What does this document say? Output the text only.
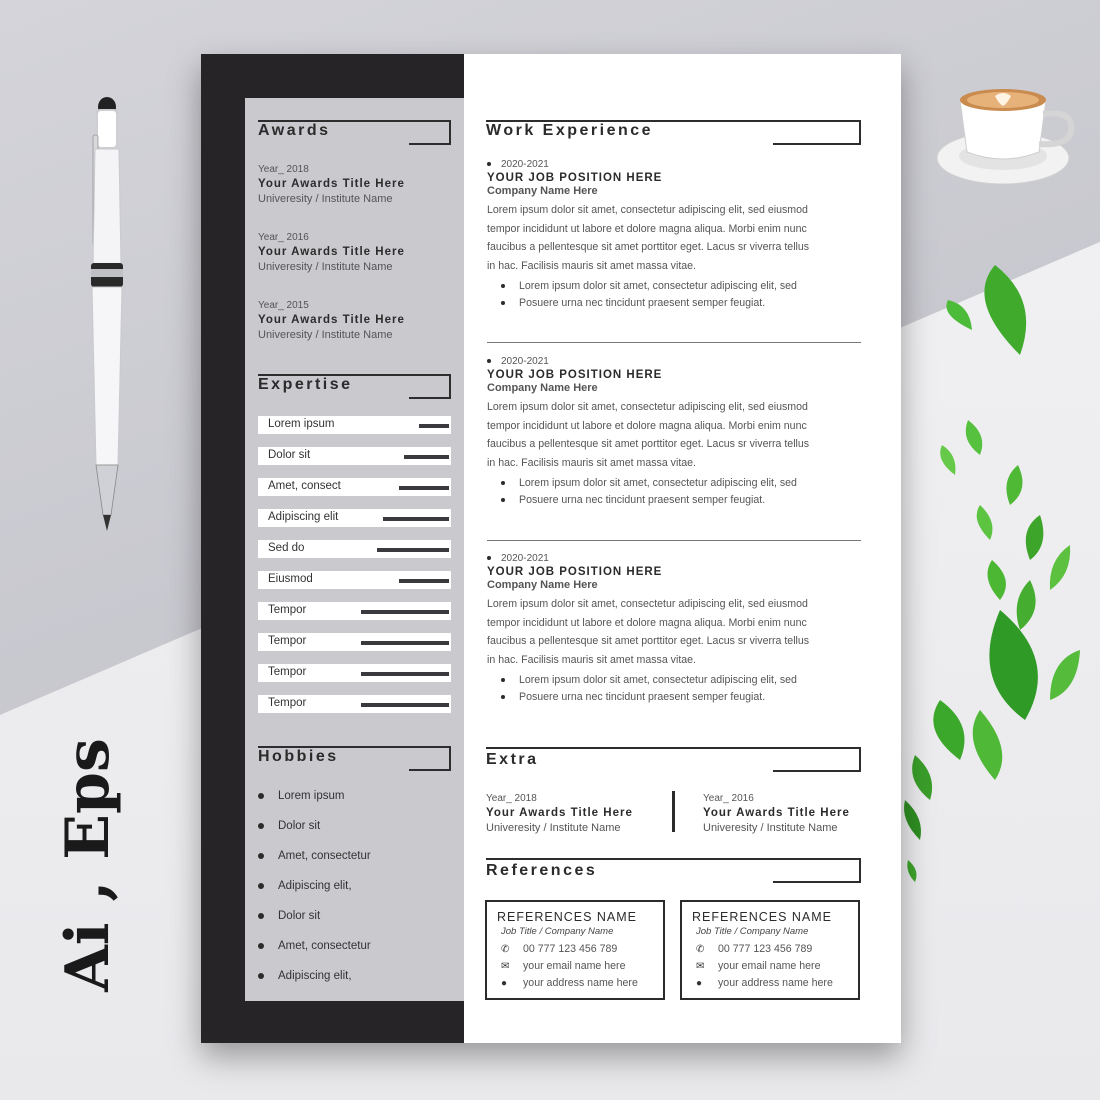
Ai , Eps
Awards
Year_ 2018
Your Awards Title Here
Univeresity / Institute Name
Year_ 2016
Your Awards Title Here
Univeresity / Institute Name
Year_ 2015
Your Awards Title Here
Univeresity / Institute Name
Expertise
Lorem ipsum
Dolor sit
Amet, consect
Adipiscing elit
Sed do
Eiusmod
Tempor
Tempor
Tempor
Tempor
Hobbies
Lorem ipsum
Dolor sit
Amet, consectetur
Adipiscing elit,
Dolor sit
Amet, consectetur
Adipiscing elit,
Work Experience
2020-2021
YOUR JOB POSITION HERE
Company Name Here
Lorem ipsum dolor sit amet, consectetur adipiscing elit, sed eiusmod
tempor incididunt ut labore et dolore magna aliqua. Morbi enim nunc
faucibus a pellentesque sit amet porttitor eget. Lacus sr viverra tellus
in hac. Facilisis mauris sit amet massa vitae.
Lorem ipsum dolor sit amet, consectetur adipiscing elit, sed
Posuere urna nec tincidunt praesent semper feugiat.
2020-2021
YOUR JOB POSITION HERE
Company Name Here
Lorem ipsum dolor sit amet, consectetur adipiscing elit, sed eiusmod
tempor incididunt ut labore et dolore magna aliqua. Morbi enim nunc
faucibus a pellentesque sit amet porttitor eget. Lacus sr viverra tellus
in hac. Facilisis mauris sit amet massa vitae.
Lorem ipsum dolor sit amet, consectetur adipiscing elit, sed
Posuere urna nec tincidunt praesent semper feugiat.
2020-2021
YOUR JOB POSITION HERE
Company Name Here
Lorem ipsum dolor sit amet, consectetur adipiscing elit, sed eiusmod
tempor incididunt ut labore et dolore magna aliqua. Morbi enim nunc
faucibus a pellentesque sit amet porttitor eget. Lacus sr viverra tellus
in hac. Facilisis mauris sit amet massa vitae.
Lorem ipsum dolor sit amet, consectetur adipiscing elit, sed
Posuere urna nec tincidunt praesent semper feugiat.
Extra
Year_ 2018
Your Awards Title Here
Univeresity / Institute Name
Year_ 2016
Your Awards Title Here
Univeresity / Institute Name
References
REFERENCES NAME
Job Title / Company Name
✆ 00 777 123 456 789
✉ your email name here
● your address name here
REFERENCES NAME
Job Title / Company Name
✆ 00 777 123 456 789
✉ your email name here
● your address name here
